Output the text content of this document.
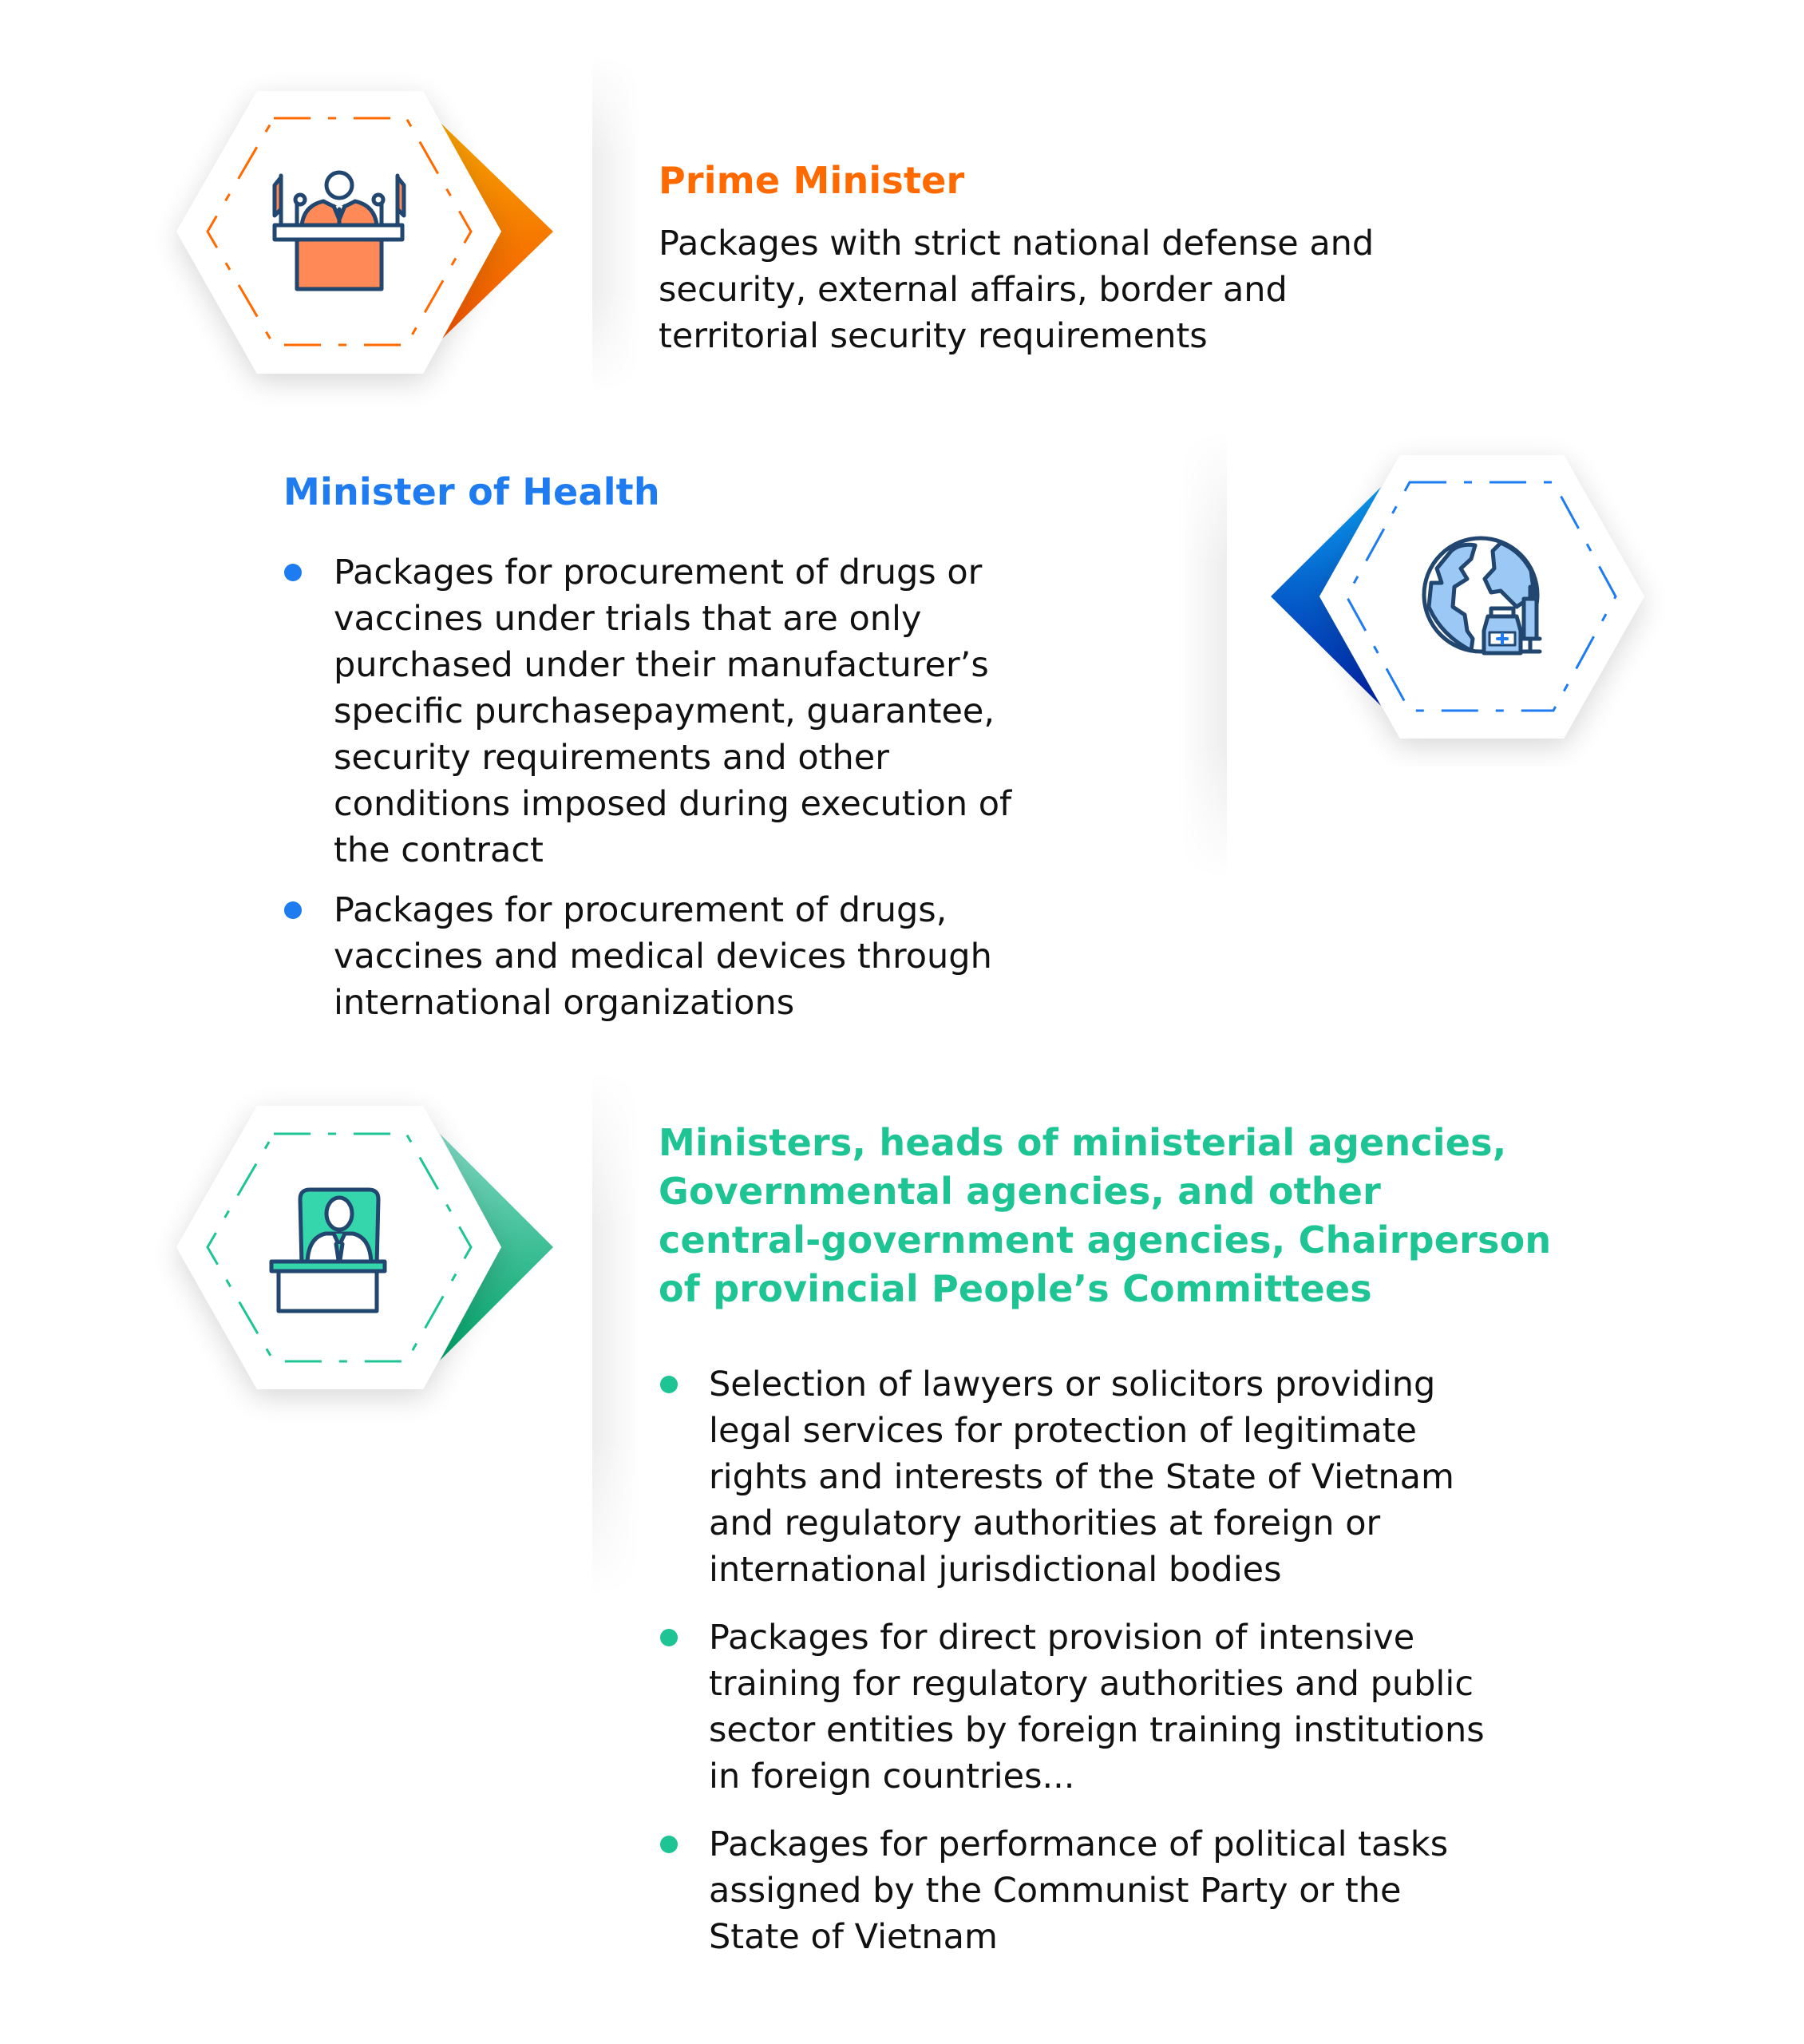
Prime Minister
Packages with strict national defense and
security, external affairs, border and
territorial security requirements
Minister of Health
Packages for procurement of drugs or
vaccines under trials that are only
purchased under their manufacturer’s
specific purchasepayment, guarantee,
security requirements and other
conditions imposed during execution of
the contract
Packages for procurement of drugs,
vaccines and medical devices through
international organizations
Ministers, heads of ministerial agencies,
Governmental agencies, and other
central-government agencies, Chairperson
of provincial People’s Committees
Selection of lawyers or solicitors providing
legal services for protection of legitimate
rights and interests of the State of Vietnam
and regulatory authorities at foreign or
international jurisdictional bodies
Packages for direct provision of intensive
training for regulatory authorities and public
sector entities by foreign training institutions
in foreign countries...
Packages for performance of political tasks
assigned by the Communist Party or the
State of Vietnam
